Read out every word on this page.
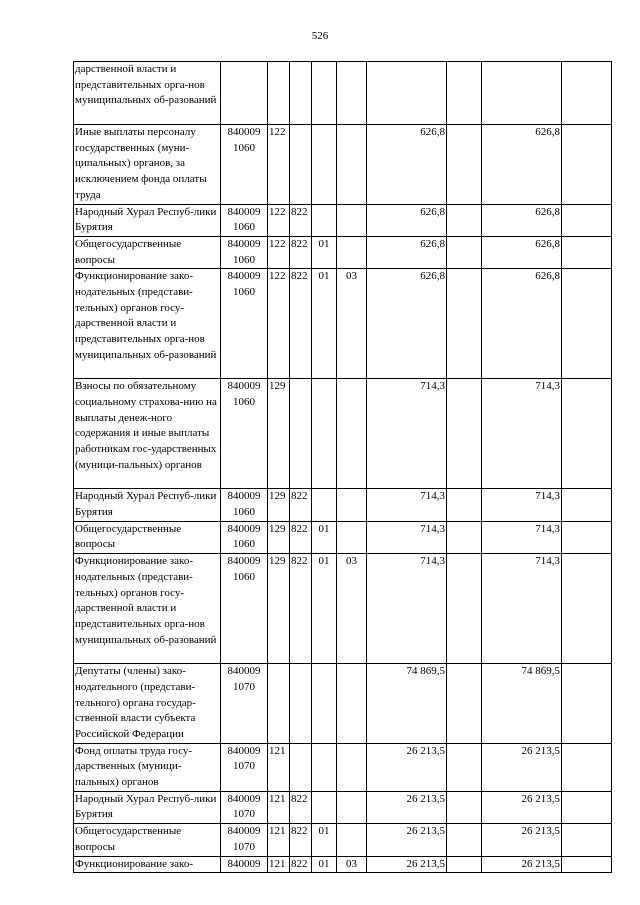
526
дарственной власти и представительных орга-нов муниципальных об-разований									
Иные выплаты персоналу государственных (муни-ципальных) органов, за исключением фонда оплаты труда	840009 1060	122				626,8		626,8	
Народный Хурал Респуб-лики Бурятия	840009 1060	122	822			626,8		626,8	
Общегосударственные вопросы	840009 1060	122	822	01		626,8		626,8	
Функционирование зако-нодательных (представи-тельных) органов госу-дарственной власти и представительных орга-нов муниципальных об-разований	840009 1060	122	822	01	03	626,8		626,8	
Взносы по обязательному социальному страхова-нию на выплаты денеж-ного содержания и иные выплаты работникам гос-ударственных (муници-пальных) органов	840009 1060	129				714,3		714,3	
Народный Хурал Респуб-лики Бурятия	840009 1060	129	822			714,3		714,3	
Общегосударственные вопросы	840009 1060	129	822	01		714,3		714,3	
Функционирование зако-нодательных (представи-тельных) органов госу-дарственной власти и представительных орга-нов муниципальных об-разований	840009 1060	129	822	01	03	714,3		714,3	
Депутаты (члены) зако-нодательного (представи-тельного) органа государ-ственной власти субъекта Российской Федерации	840009 1070					74 869,5		74 869,5	
Фонд оплаты труда госу-дарственных (муници-пальных) органов	840009 1070	121				26 213,5		26 213,5	
Народный Хурал Респуб-лики Бурятия	840009 1070	121	822			26 213,5		26 213,5	
Общегосударственные вопросы	840009 1070	121	822	01		26 213,5		26 213,5	
Функционирование зако-	840009	121	822	01	03	26 213,5		26 213,5	
